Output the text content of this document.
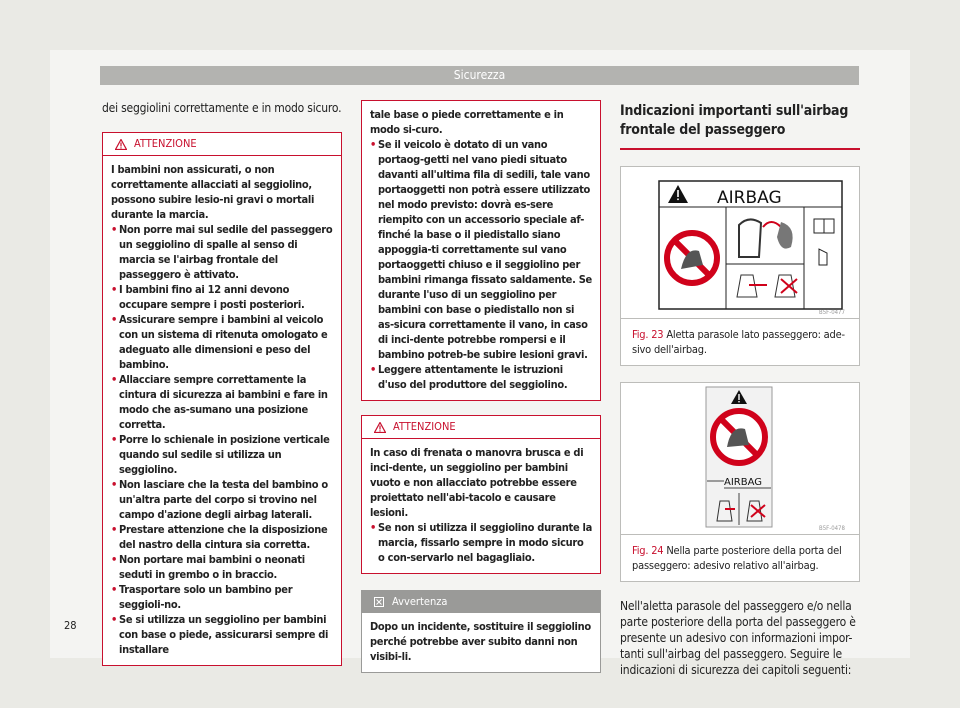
Sicurezza

dei seggiolini correttamente e in modo sicuro.

ATTENZIONE

I bambini non assicurati, o non correttamente allacciati al seggiolino, possono subire lesio-ni gravi o mortali durante la marcia.

• Non porre mai sul sedile del passeggero un seggiolino di spalle al senso di marcia se l'airbag frontale del passeggero è attivato.
• I bambini fino ai 12 anni devono occupare sempre i posti posteriori.
• Assicurare sempre i bambini al veicolo con un sistema di ritenuta omologato e adeguato alle dimensioni e peso del bambino.
• Allacciare sempre correttamente la cintura di sicurezza ai bambini e fare in modo che as-sumano una posizione corretta.
• Porre lo schienale in posizione verticale quando sul sedile si utilizza un seggiolino.
• Non lasciare che la testa del bambino o un'altra parte del corpo si trovino nel campo d'azione degli airbag laterali.
• Prestare attenzione che la disposizione del nastro della cintura sia corretta.
• Non portare mai bambini o neonati seduti in grembo o in braccio.
• Trasportare solo un bambino per seggioli-no.
• Se si utilizza un seggiolino per bambini con base o piede, assicurarsi sempre di installare

tale base o piede correttamente e in modo si-curo.

• Se il veicolo è dotato di un vano portaog-getti nel vano piedi situato davanti all'ultima fila di sedili, tale vano portaoggetti non potrà essere utilizzato nel modo previsto: dovrà es-sere riempito con un accessorio speciale af-finché la base o il piedistallo siano appoggia-ti correttamente sul vano portaoggetti chiuso e il seggiolino per bambini rimanga fissato saldamente. Se durante l'uso di un seggiolino per bambini con base o piedistallo non si as-sicura correttamente il vano, in caso di inci-dente potrebbe rompersi e il bambino potreb-be subire lesioni gravi.
• Leggere attentamente le istruzioni d'uso del produttore del seggiolino.
ATTENZIONE

In caso di frenata o manovra brusca e di inci-dente, un seggiolino per bambini vuoto e non allacciato potrebbe essere proiettato nell'abi-tacolo e causare lesioni.

• Se non si utilizza il seggiolino durante la marcia, fissarlo sempre in modo sicuro o con-servarlo nel bagagliaio.
Avvertenza
Dopo un incidente, sostituire il seggiolino perché potrebbe aver subito danni non visibi-li.
Indicazioni importanti sull'airbag frontale del passeggero
AIRBAG
B5F-0477
Fig. 23 Aletta parasole lato passeggero: ade-sivo dell'airbag.
AIRBAG
B5F-0478
Fig. 24 Nella parte posteriore della porta del passeggero: adesivo relativo all'airbag.

Nell'aletta parasole del passeggero e/o nella parte posteriore della porta del passeggero è presente un adesivo con informazioni impor-tanti sull'airbag del passeggero. Seguire le indicazioni di sicurezza dei capitoli seguenti:

28
